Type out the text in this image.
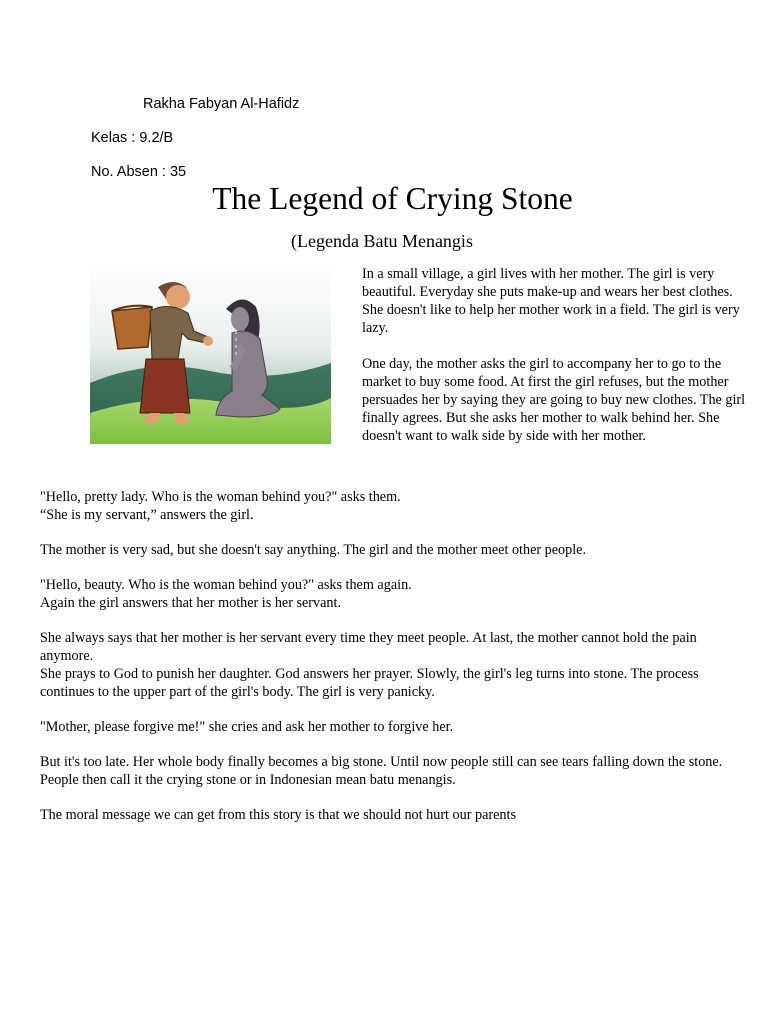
Rakha Fabyan Al-Hafidz
Kelas : 9.2/B
No. Absen : 35
The Legend of Crying Stone
(Legenda Batu Menangis

In a small village, a girl lives with her mother. The girl is very beautiful. Everyday she puts make-up and wears her best clothes. She doesn't like to help her mother work in a field. The girl is very lazy.

One day, the mother asks the girl to accompany her to go to the market to buy some food. At first the girl refuses, but the mother persuades her by saying they are going to buy new clothes. The girl finally agrees. But she asks her mother to walk behind her. She doesn't want to walk side by side with her mother.

"Hello, pretty lady. Who is the woman behind you?" asks them.
“She is my servant,” answers the girl.

The mother is very sad, but she doesn't say anything. The girl and the mother meet other people.

"Hello, beauty. Who is the woman behind you?" asks them again.
Again the girl answers that her mother is her servant.

She always says that her mother is her servant every time they meet people. At last, the mother cannot hold the pain anymore.
She prays to God to punish her daughter. God answers her prayer. Slowly, the girl's leg turns into stone. The process continues to the upper part of the girl's body. The girl is very panicky.

"Mother, please forgive me!" she cries and ask her mother to forgive her.

But it's too late. Her whole body finally becomes a big stone. Until now people still can see tears falling down the stone. People then call it the crying stone or in Indonesian mean batu menangis.

The moral message we can get from this story is that we should not hurt our parents
